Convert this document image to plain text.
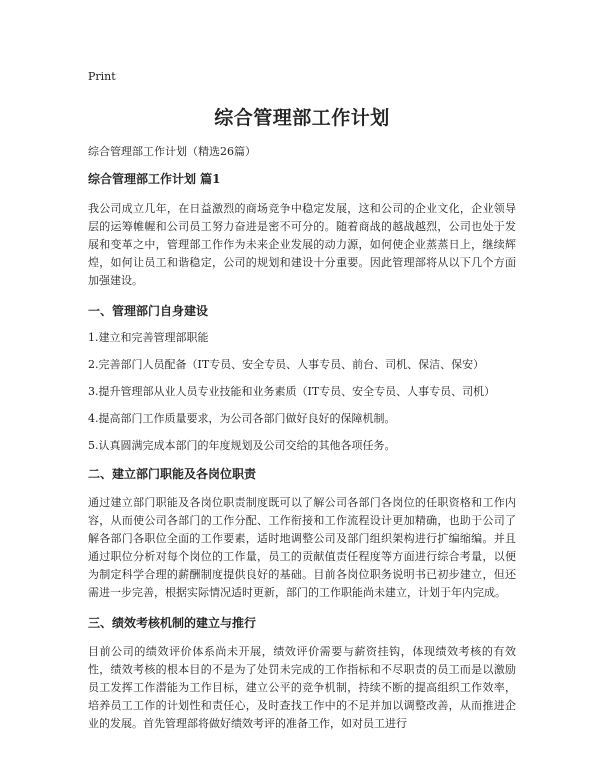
Print
综合管理部工作计划
综合管理部工作计划（精选26篇）
综合管理部工作计划 篇1

我公司成立几年，在日益激烈的商场竞争中稳定发展，这和公司的企业文化，企业领导层的运筹帷幄和公司员工努力奋进是密不可分的。随着商战的越战越烈，公司也处于发展和变革之中，管理部工作作为未来企业发展的动力源，如何使企业蒸蒸日上，继续辉煌，如何让员工和谐稳定，公司的规划和建设十分重要。因此管理部将从以下几个方面加强建设。

一、管理部门自身建设
1.建立和完善管理部职能
2.完善部门人员配备（IT专员、安全专员、人事专员、前台、司机、保洁、保安）
3.提升管理部从业人员专业技能和业务素质（IT专员、安全专员、人事专员、司机）
4.提高部门工作质量要求，为公司各部门做好良好的保障机制。
5.认真圆满完成本部门的年度规划及公司交给的其他各项任务。
二、建立部门职能及各岗位职责

通过建立部门职能及各岗位职责制度既可以了解公司各部门各岗位的任职资格和工作内容，从而使公司各部门的工作分配、工作衔接和工作流程设计更加精确，也助于公司了解各部门各职位全面的工作要素，适时地调整公司及部门组织架构进行扩编缩编。并且通过职位分析对每个岗位的工作量，员工的贡献值责任程度等方面进行综合考量，以便为制定科学合理的薪酬制度提供良好的基础。目前各岗位职务说明书已初步建立，但还需进一步完善，根据实际情况适时更新，部门的工作职能尚未建立，计划于年内完成。

三、绩效考核机制的建立与推行

目前公司的绩效评价体系尚未开展，绩效评价需要与薪资挂钩，体现绩效考核的有效性，绩效考核的根本目的不是为了处罚未完成的工作指标和不尽职责的员工而是以激励员工发挥工作潜能为工作目标，建立公平的竞争机制，持续不断的提高组织工作效率，培养员工工作的计划性和责任心，及时查找工作中的不足并加以调整改善，从而推进企业的发展。首先管理部将做好绩效考评的准备工作，如对员工进行
